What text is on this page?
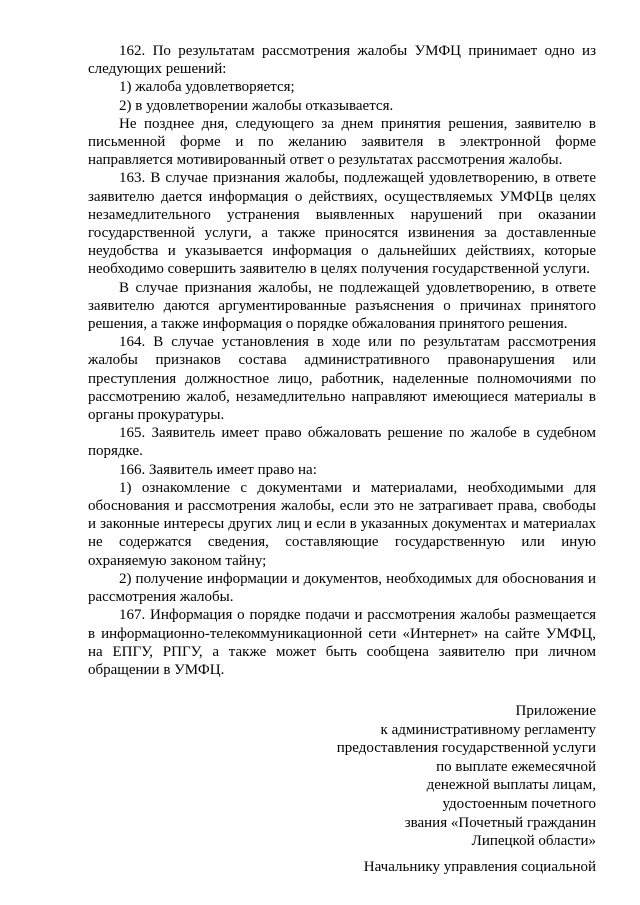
162. По результатам рассмотрения жалобы УМФЦ принимает одно из следующих решений:

1) жалоба удовлетворяется;

2) в удовлетворении жалобы отказывается.

Не позднее дня, следующего за днем принятия решения, заявителю в письменной форме и по желанию заявителя в электронной форме направляется мотивированный ответ о результатах рассмотрения жалобы.

163. В случае признания жалобы, подлежащей удовлетворению, в ответе заявителю дается информация о действиях, осуществляемых УМФЦв целях незамедлительного устранения выявленных нарушений при оказании государственной услуги, а также приносятся извинения за доставленные неудобства и указывается информация о дальнейших действиях, которые необходимо совершить заявителю в целях получения государственной услуги.

В случае признания жалобы, не подлежащей удовлетворению, в ответе заявителю даются аргументированные разъяснения о причинах принятого решения, а также информация о порядке обжалования принятого решения.

164. В случае установления в ходе или по результатам рассмотрения жалобы признаков состава административного правонарушения или преступления должностное лицо, работник, наделенные полномочиями по рассмотрению жалоб, незамедлительно направляют имеющиеся материалы в органы прокуратуры.

165. Заявитель имеет право обжаловать решение по жалобе в судебном порядке.

166. Заявитель имеет право на:

1) ознакомление с документами и материалами, необходимыми для обоснования и рассмотрения жалобы, если это не затрагивает права, свободы и законные интересы других лиц и если в указанных документах и материалах не содержатся сведения, составляющие государственную или иную охраняемую законом тайну;

2) получение информации и документов, необходимых для обоснования и рассмотрения жалобы.

167. Информация о порядке подачи и рассмотрения жалобы размещается в информационно-телекоммуникационной сети «Интернет» на сайте УМФЦ, на ЕПГУ, РПГУ, а также может быть сообщена заявителю при личном обращении в УМФЦ.

Приложение
к административному регламенту
предоставления государственной услуги
по выплате ежемесячной
денежной выплаты лицам,
удостоенным почетного
звания «Почетный гражданин
Липецкой области»
Начальнику управления социальной
